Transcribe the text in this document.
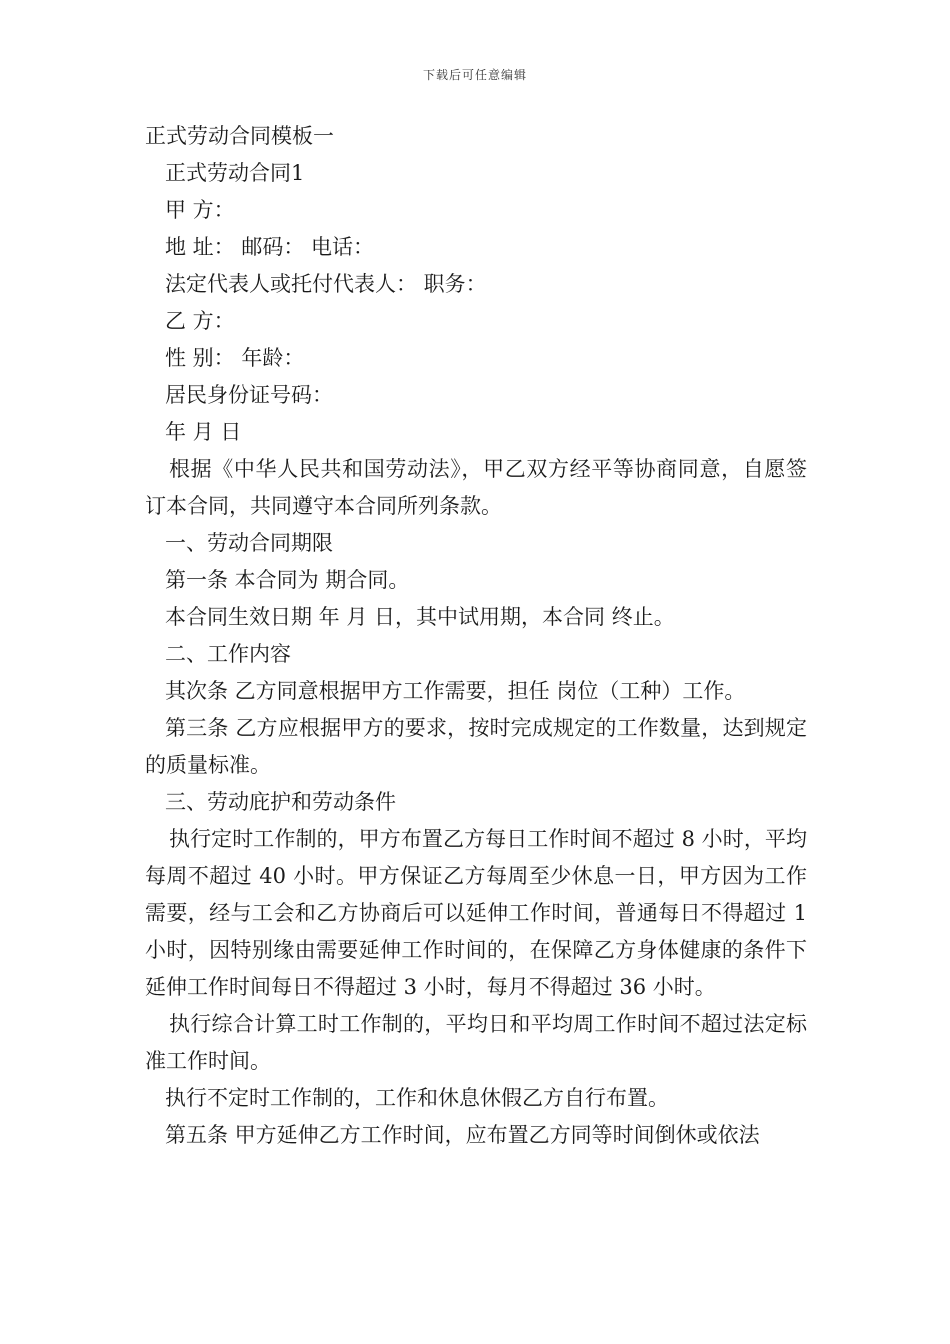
下载后可任意编辑

正式劳动合同模板一

正式劳动合同1

甲 方：

地 址： 邮码： 电话：

法定代表人或托付代表人： 职务：

乙 方：

性 别： 年龄：

居民身份证号码：

年 月 日

根据《中华人民共和国劳动法》，甲乙双方经平等协商同意，自愿签订本合同，共同遵守本合同所列条款。

一、劳动合同期限

第一条 本合同为 期合同。

本合同生效日期 年 月 日，其中试用期，本合同 终止。

二、工作内容

其次条 乙方同意根据甲方工作需要，担任 岗位（工种）工作。

第三条 乙方应根据甲方的要求，按时完成规定的工作数量，达到规定的质量标准。

三、劳动庇护和劳动条件

执行定时工作制的，甲方布置乙方每日工作时间不超过 8 小时，平均每周不超过 40 小时。甲方保证乙方每周至少休息一日，甲方因为工作需要，经与工会和乙方协商后可以延伸工作时间，普通每日不得超过 1 小时，因特别缘由需要延伸工作时间的，在保障乙方身体健康的条件下延伸工作时间每日不得超过 3 小时，每月不得超过 36 小时。

执行综合计算工时工作制的，平均日和平均周工作时间不超过法定标准工作时间。

执行不定时工作制的，工作和休息休假乙方自行布置。

第五条 甲方延伸乙方工作时间，应布置乙方同等时间倒休或依法
